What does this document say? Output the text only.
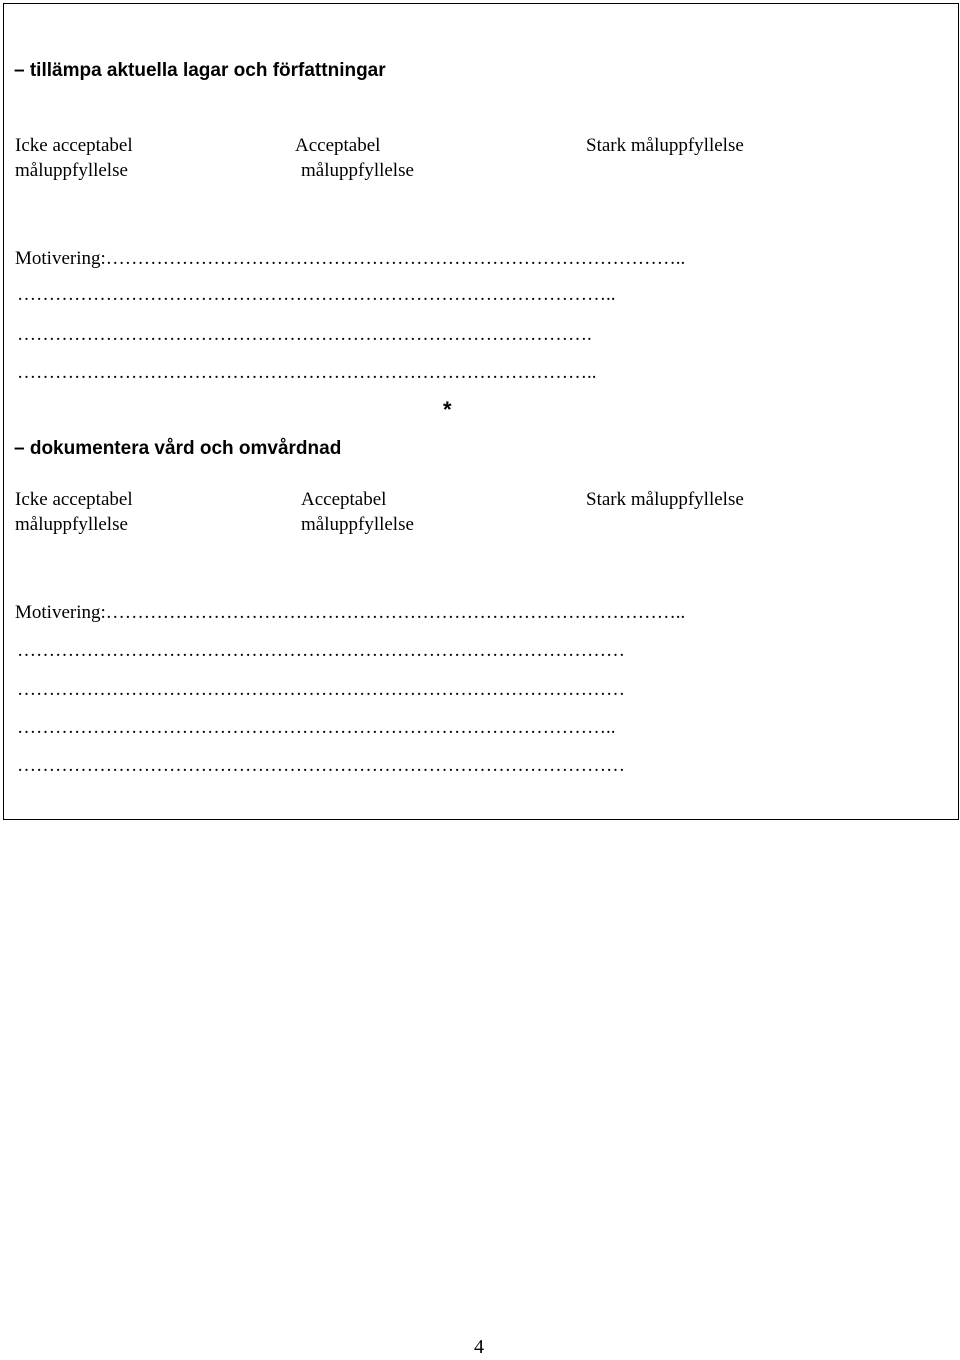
– tillämpa aktuella lagar och författningar
Icke acceptabel
måluppfyllelse
Acceptabel
måluppfyllelse
Stark måluppfyllelse
Motivering:………………………………………………………………………………..
…………………………………………………………………………………..
……………………………………………………………………………….
………………………………………………………………………………..
*
– dokumentera vård och omvårdnad
Icke acceptabel
måluppfyllelse
Acceptabel
måluppfyllelse
Stark måluppfyllelse
Motivering:………………………………………………………………………………..
……………………………………………………………………………………
……………………………………………………………………………………
…………………………………………………………………………………..
……………………………………………………………………………………
4
